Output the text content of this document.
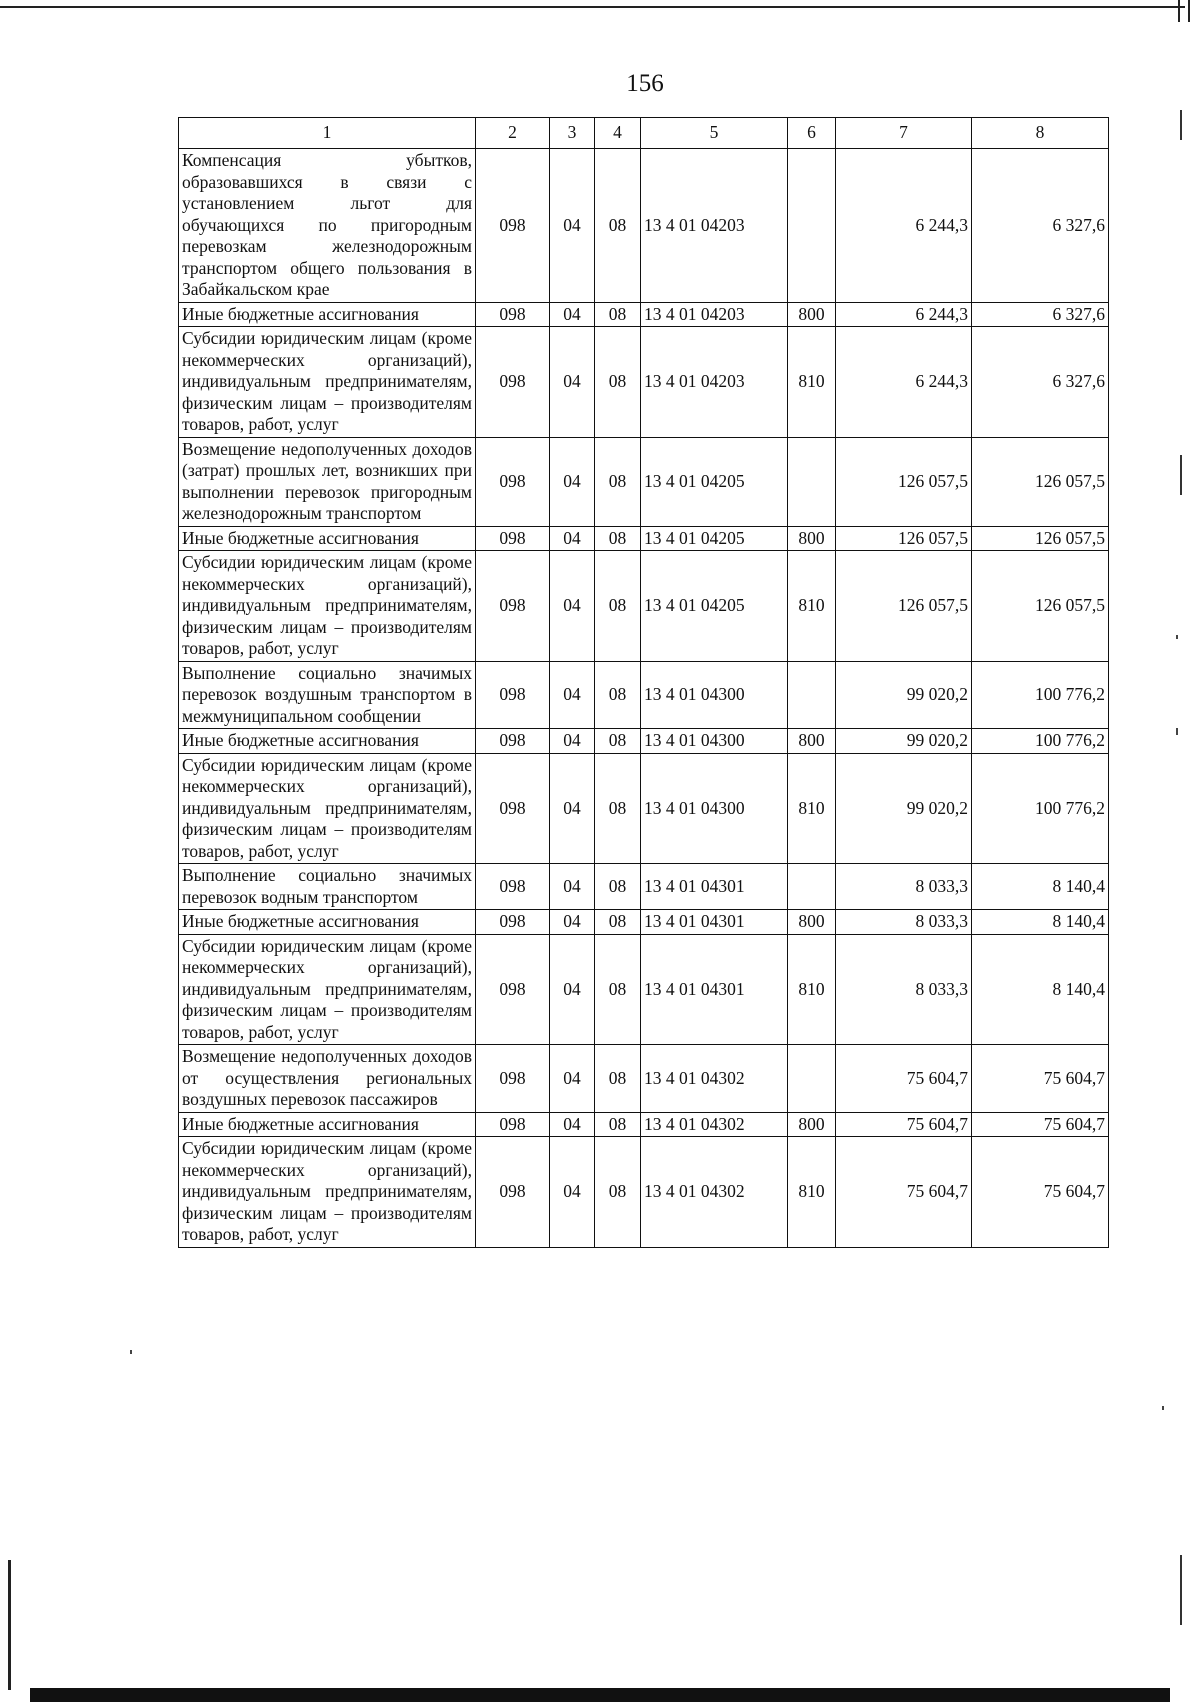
156
1	2	3	4	5	6	7	8
Компенсация убытков, образовавшихся в связи с установлением льгот для обучающихся по пригородным перевозкам железнодорожным транспортом общего пользования в Забайкальском крае	098	04	08	13 4 01 04203		6 244,3	6 327,6
Иные бюджетные ассигнования	098	04	08	13 4 01 04203	800	6 244,3	6 327,6
Субсидии юридическим лицам (кроме некоммерческих организаций), индивидуальным предпринимателям, физическим лицам – производителям товаров, работ, услуг	098	04	08	13 4 01 04203	810	6 244,3	6 327,6
Возмещение недополученных доходов (затрат) прошлых лет, возникших при выполнении перевозок пригородным железнодорожным транспортом	098	04	08	13 4 01 04205		126 057,5	126 057,5
Иные бюджетные ассигнования	098	04	08	13 4 01 04205	800	126 057,5	126 057,5
Субсидии юридическим лицам (кроме некоммерческих организаций), индивидуальным предпринимателям, физическим лицам – производителям товаров, работ, услуг	098	04	08	13 4 01 04205	810	126 057,5	126 057,5
Выполнение социально значимых перевозок воздушным транспортом в межмуниципальном сообщении	098	04	08	13 4 01 04300		99 020,2	100 776,2
Иные бюджетные ассигнования	098	04	08	13 4 01 04300	800	99 020,2	100 776,2
Субсидии юридическим лицам (кроме некоммерческих организаций), индивидуальным предпринимателям, физическим лицам – производителям товаров, работ, услуг	098	04	08	13 4 01 04300	810	99 020,2	100 776,2
Выполнение социально значимых перевозок водным транспортом	098	04	08	13 4 01 04301		8 033,3	8 140,4
Иные бюджетные ассигнования	098	04	08	13 4 01 04301	800	8 033,3	8 140,4
Субсидии юридическим лицам (кроме некоммерческих организаций), индивидуальным предпринимателям, физическим лицам – производителям товаров, работ, услуг	098	04	08	13 4 01 04301	810	8 033,3	8 140,4
Возмещение недополученных доходов от осуществления региональных воздушных перевозок пассажиров	098	04	08	13 4 01 04302		75 604,7	75 604,7
Иные бюджетные ассигнования	098	04	08	13 4 01 04302	800	75 604,7	75 604,7
Субсидии юридическим лицам (кроме некоммерческих организаций), индивидуальным предпринимателям, физическим лицам – производителям товаров, работ, услуг	098	04	08	13 4 01 04302	810	75 604,7	75 604,7
